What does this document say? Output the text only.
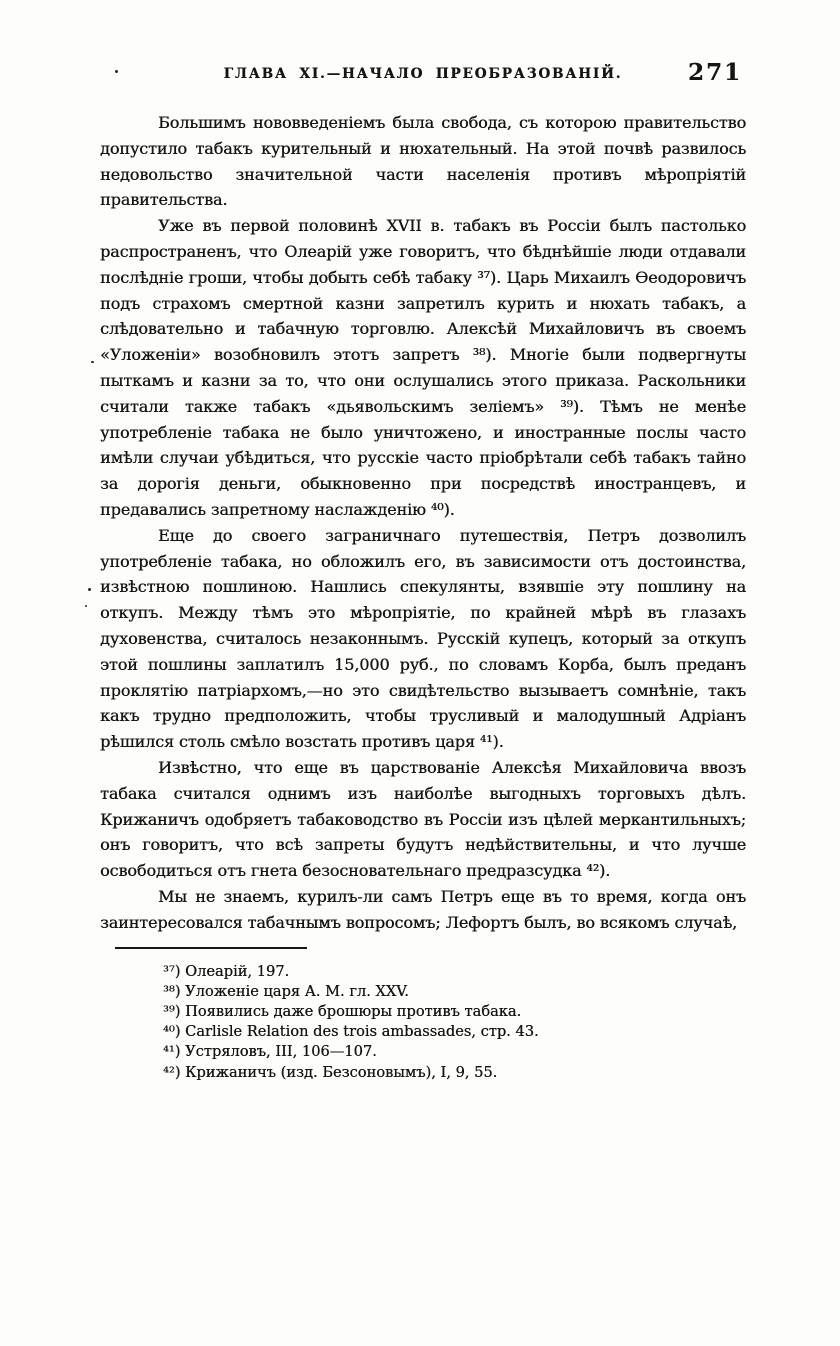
ГЛАВА XI.—НАЧАЛО ПРЕОБРАЗОВАНІЙ.	271

Большимъ нововведеніемъ была свобода, съ которою правительство допустило табакъ курительный и нюхательный. На этой почвѣ развилось недовольство значительной части населенія противъ мѣропріятій правительства.

Уже въ первой половинѣ XVII в. табакъ въ Россіи былъ пастолько распространенъ, что Олеарій уже говоритъ, что бѣднѣйшіе люди отдавали послѣдніе гроши, чтобы добыть себѣ табаку ³⁷). Царь Михаилъ Ѳеодоровичъ подъ страхомъ смертной казни запретилъ курить и нюхать табакъ, а слѣдовательно и табачную торговлю. Алексѣй Михайловичъ въ своемъ «Уложеніи» возобновилъ этотъ запретъ ³⁸). Многіе были подвергнуты пыткамъ и казни за то, что они ослушались этого приказа. Раскольники считали также табакъ «дьявольскимъ зеліемъ» ³⁹). Тѣмъ не менѣе употребленіе табака не было уничтожено, и иностранные послы часто имѣли случаи убѣдиться, что русскіе часто пріобрѣтали себѣ табакъ тайно за дорогія деньги, обыкновенно при посредствѣ иностранцевъ, и предавались запретному наслажденію ⁴⁰).

Еще до своего заграничнаго путешествія, Петръ дозволилъ употребленіе табака, но обложилъ его, въ зависимости отъ достоинства, извѣстною пошлиною. Нашлись спекулянты, взявшіе эту пошлину на откупъ. Между тѣмъ это мѣропріятіе, по крайней мѣрѣ въ глазахъ духовенства, считалось незаконнымъ. Русскій купецъ, который за откупъ этой пошлины заплатилъ 15,000 руб., по словамъ Корба, былъ преданъ проклятію патріархомъ,—но это свидѣтельство вызываетъ сомнѣніе, такъ какъ трудно предположить, чтобы трусливый и малодушный Адріанъ рѣшился столь смѣло возстать противъ царя ⁴¹).

Извѣстно, что еще въ царствованіе Алексѣя Михайловича ввозъ табака считался однимъ изъ наиболѣе выгодныхъ торговыхъ дѣлъ. Крижаничъ одобряетъ табаководство въ Россіи изъ цѣлей меркантильныхъ; онъ говоритъ, что всѣ запреты будутъ недѣйствительны, и что лучше освободиться отъ гнета безосновательнаго предразсудка ⁴²).

Мы не знаемъ, курилъ-ли самъ Петръ еще въ то время, когда онъ заинтересовался табачнымъ вопросомъ; Лефортъ былъ, во всякомъ случаѣ,

³⁷) Олеарій, 197.

³⁸) Уложеніе царя А. М. гл. XXV.

³⁹) Появились даже брошюры противъ табака.

⁴⁰) Carlisle Relation des trois ambassades, стр. 43.

⁴¹) Устряловъ, III, 106—107.

⁴²) Крижаничъ (изд. Безсоновымъ), I, 9, 55.
